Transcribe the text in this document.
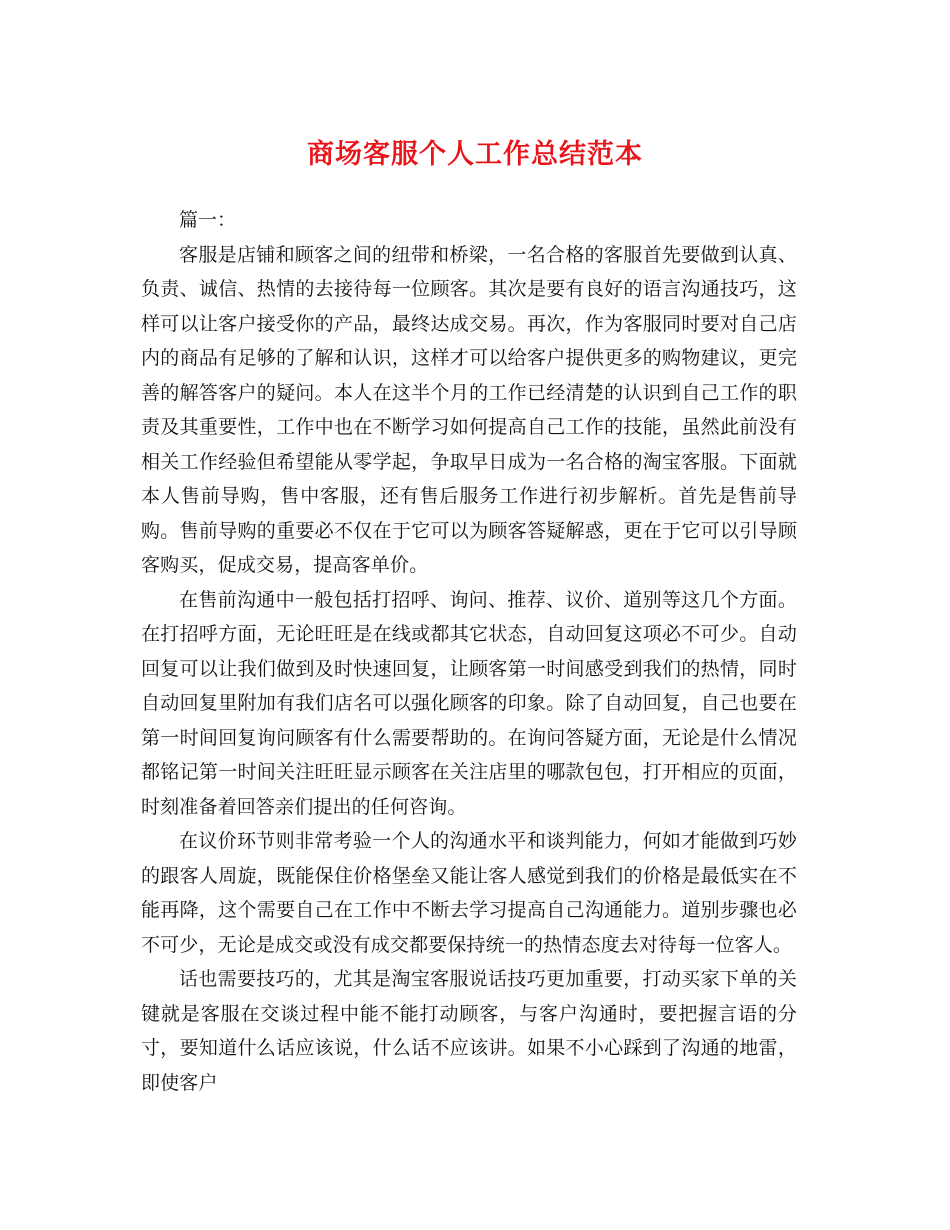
商场客服个人工作总结范本

篇一：

客服是店铺和顾客之间的纽带和桥梁，一名合格的客服首先要做到认真、负责、诚信、热情的去接待每一位顾客。其次是要有良好的语言沟通技巧，这样可以让客户接受你的产品，最终达成交易。再次，作为客服同时要对自己店内的商品有足够的了解和认识，这样才可以给客户提供更多的购物建议，更完善的解答客户的疑问。本人在这半个月的工作已经清楚的认识到自己工作的职责及其重要性，工作中也在不断学习如何提高自己工作的技能，虽然此前没有相关工作经验但希望能从零学起，争取早日成为一名合格的淘宝客服。下面就本人售前导购，售中客服，还有售后服务工作进行初步解析。首先是售前导购。售前导购的重要必不仅在于它可以为顾客答疑解惑，更在于它可以引导顾客购买，促成交易，提高客单价。

在售前沟通中一般包括打招呼、询问、推荐、议价、道别等这几个方面。在打招呼方面，无论旺旺是在线或都其它状态，自动回复这项必不可少。自动回复可以让我们做到及时快速回复，让顾客第一时间感受到我们的热情，同时自动回复里附加有我们店名可以强化顾客的印象。除了自动回复，自己也要在第一时间回复询问顾客有什么需要帮助的。在询问答疑方面，无论是什么情况都铭记第一时间关注旺旺显示顾客在关注店里的哪款包包，打开相应的页面，时刻准备着回答亲们提出的任何咨询。

在议价环节则非常考验一个人的沟通水平和谈判能力，何如才能做到巧妙的跟客人周旋，既能保住价格堡垒又能让客人感觉到我们的价格是最低实在不能再降，这个需要自己在工作中不断去学习提高自己沟通能力。道别步骤也必不可少，无论是成交或没有成交都要保持统一的热情态度去对待每一位客人。

话也需要技巧的，尤其是淘宝客服说话技巧更加重要，打动买家下单的关键就是客服在交谈过程中能不能打动顾客，与客户沟通时，要把握言语的分寸，要知道什么话应该说，什么话不应该讲。如果不小心踩到了沟通的地雷，即使客户
